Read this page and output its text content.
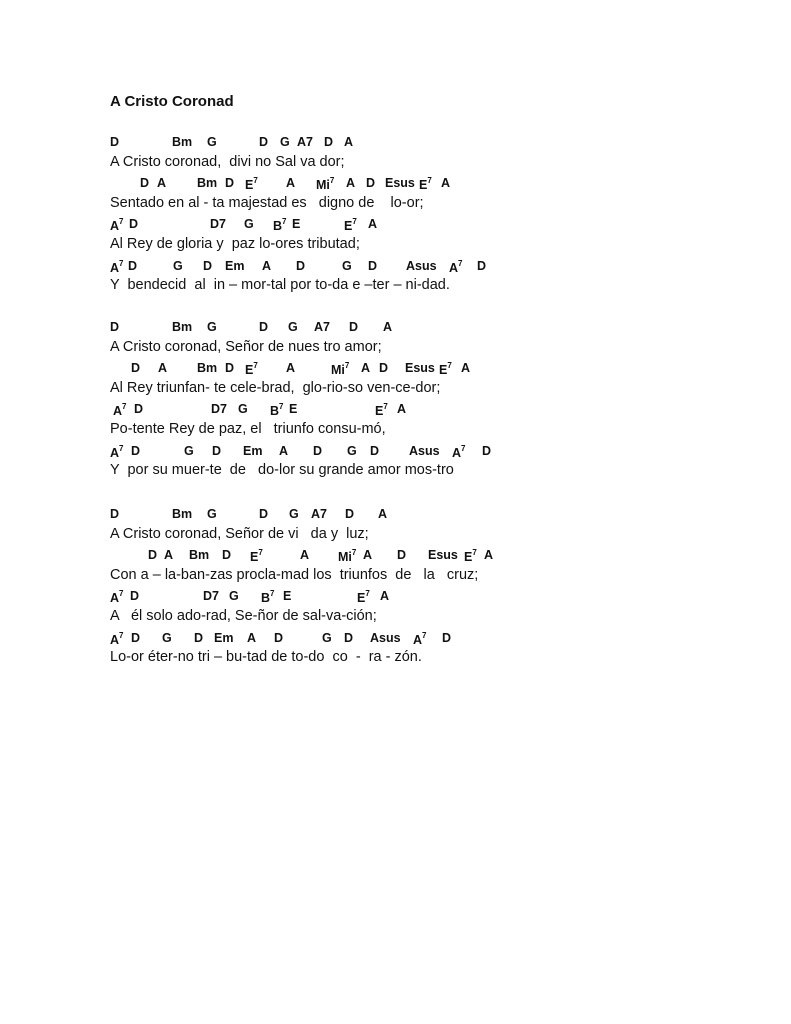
A Cristo Coronad
D	Bm G	D G A7 D A
A Cristo coronad,  divi no Sal va dor;
D A Bm D $E^7$ A Mi$^7$ A D Esus $E^7$ A
Sentado en al - ta majestad es   digno de    lo-or;
$A^7$ D	D7 G $B^7$ E	$E^7$ A
Al Rey de gloria y  paz lo-ores tributad;
$A^7$ D	G D Em A D	G D Asus $A^7$ D
Y  bendecid  al  in – mor-tal por to-da e –ter – ni-dad.
D	Bm G	D G A7 D A
A Cristo coronad, Señor de nues tro amor;
D A Bm D $E^7$ A	Mi$^7$ A D Esus $E^7$ A
Al Rey triunfan- te cele-brad,  glo-rio-so ven-ce-dor;
$A^7$ D	D7 G $B^7$ E	$E^7$ A
Po-tente Rey de paz, el   triunfo consu-mó,
$A^7$ D	G D Em A D G D Asus $A^7$ D
Y  por su muer-te  de   do-lor su grande amor mos-tro
D	Bm G	D G A7 D A
A Cristo coronad, Señor de vi   da y  luz;
D A Bm D $E^7$	A Mi$^7$ A D Esus $E^7$ A
Con a – la-ban-zas procla-mad los  triunfos  de   la   cruz;
$A^7$ D	D7 G $B^7$ E	$E^7$ A
A   él solo ado-rad, Se-ñor de sal-va-ción;
$A^7$ D G D Em A D	G D Asus $A^7$ D
Lo-or éter-no tri – bu-tad de to-do  co  -  ra - zón.
